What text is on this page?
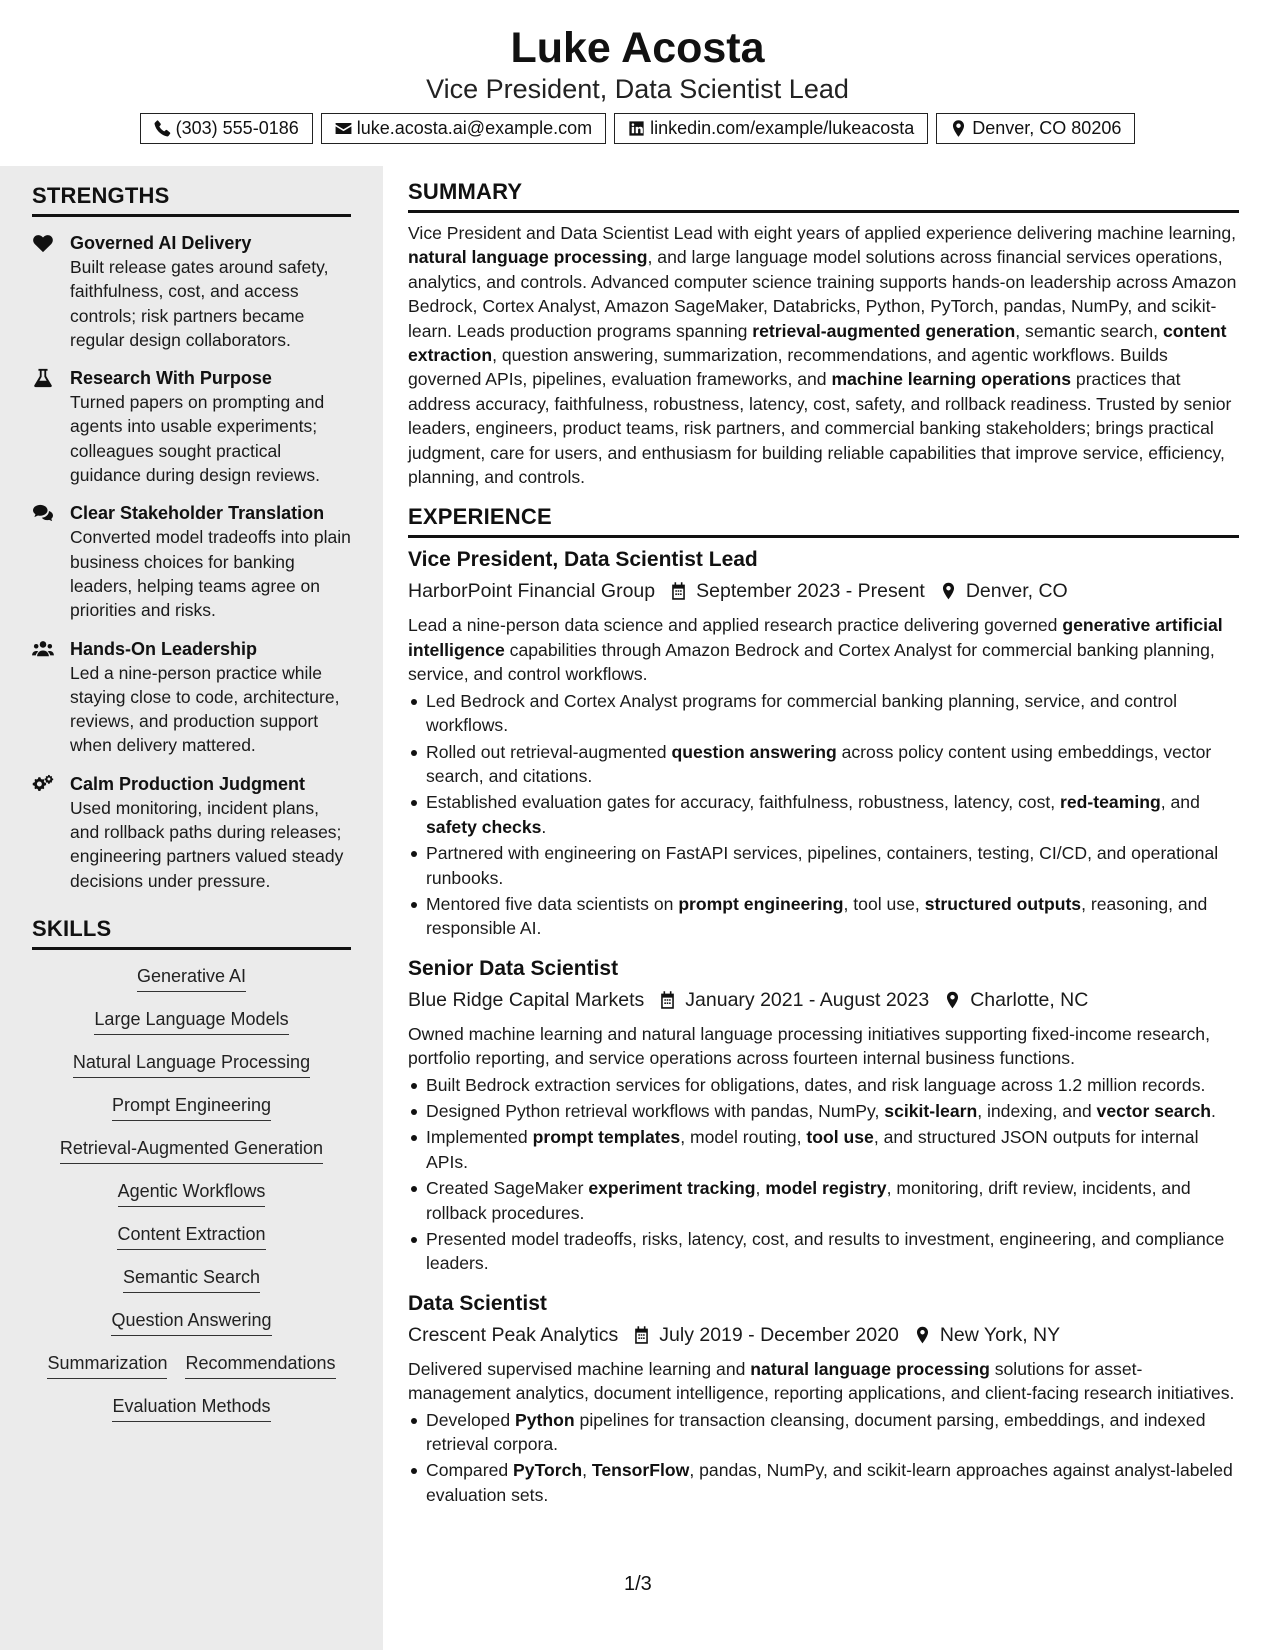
Luke Acosta
Vice President, Data Scientist Lead
(303) 555-0186	luke.acosta.ai@example.com	linkedin.com/example/lukeacosta	Denver, CO 80206
STRENGTHS
Governed AI Delivery
Built release gates around safety, faithfulness, cost, and access controls; risk partners became regular design collaborators.
Research With Purpose
Turned papers on prompting and agents into usable experiments; colleagues sought practical guidance during design reviews.
Clear Stakeholder Translation
Converted model tradeoffs into plain business choices for banking leaders, helping teams agree on priorities and risks.
Hands-On Leadership
Led a nine-person practice while staying close to code, architecture, reviews, and production support when delivery mattered.
Calm Production Judgment
Used monitoring, incident plans, and rollback paths during releases; engineering partners valued steady decisions under pressure.
SKILLS
Generative AI
Large Language Models
Natural Language Processing
Prompt Engineering
Retrieval-Augmented Generation
Agentic Workflows
Content Extraction
Semantic Search
Question Answering
Summarization Recommendations
Evaluation Methods
SUMMARY
Vice President and Data Scientist Lead with eight years of applied experience delivering machine learning, natural language processing, and large language model solutions across financial services operations, analytics, and controls. Advanced computer science training supports hands-on leadership across Amazon Bedrock, Cortex Analyst, Amazon SageMaker, Databricks, Python, PyTorch, pandas, NumPy, and scikit-learn. Leads production programs spanning retrieval-augmented generation, semantic search, content extraction, question answering, summarization, recommendations, and agentic workflows. Builds governed APIs, pipelines, evaluation frameworks, and machine learning operations practices that address accuracy, faithfulness, robustness, latency, cost, safety, and rollback readiness. Trusted by senior leaders, engineers, product teams, risk partners, and commercial banking stakeholders; brings practical judgment, care for users, and enthusiasm for building reliable capabilities that improve service, efficiency, planning, and controls.
EXPERIENCE
Vice President, Data Scientist Lead
HarborPoint Financial Group September 2023 - Present Denver, CO
Lead a nine-person data science and applied research practice delivering governed generative artificial intelligence capabilities through Amazon Bedrock and Cortex Analyst for commercial banking planning, service, and control workflows.
Led Bedrock and Cortex Analyst programs for commercial banking planning, service, and control workflows.
Rolled out retrieval-augmented question answering across policy content using embeddings, vector search, and citations.
Established evaluation gates for accuracy, faithfulness, robustness, latency, cost, red-teaming, and safety checks.
Partnered with engineering on FastAPI services, pipelines, containers, testing, CI/CD, and operational runbooks.
Mentored five data scientists on prompt engineering, tool use, structured outputs, reasoning, and responsible AI.
Senior Data Scientist
Blue Ridge Capital Markets January 2021 - August 2023 Charlotte, NC
Owned machine learning and natural language processing initiatives supporting fixed-income research, portfolio reporting, and service operations across fourteen internal business functions.
Built Bedrock extraction services for obligations, dates, and risk language across 1.2 million records.
Designed Python retrieval workflows with pandas, NumPy, scikit-learn, indexing, and vector search.
Implemented prompt templates, model routing, tool use, and structured JSON outputs for internal APIs.
Created SageMaker experiment tracking, model registry, monitoring, drift review, incidents, and rollback procedures.
Presented model tradeoffs, risks, latency, cost, and results to investment, engineering, and compliance leaders.
Data Scientist
Crescent Peak Analytics July 2019 - December 2020 New York, NY
Delivered supervised machine learning and natural language processing solutions for asset-management analytics, document intelligence, reporting applications, and client-facing research initiatives.
Developed Python pipelines for transaction cleansing, document parsing, embeddings, and indexed retrieval corpora.
Compared PyTorch, TensorFlow, pandas, NumPy, and scikit-learn approaches against analyst-labeled evaluation sets.
1/3
